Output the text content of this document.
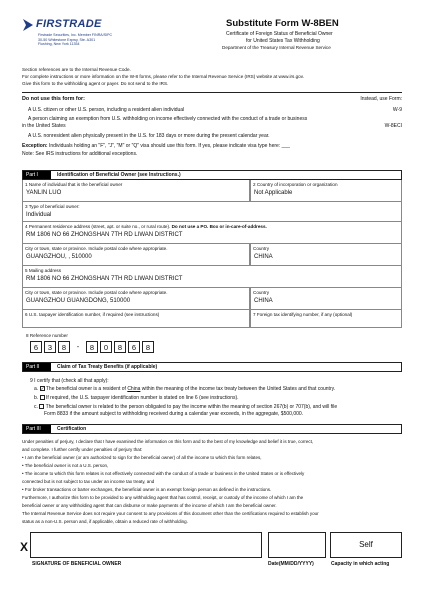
FIRSTRADE
Firstrade Securities, Inc. Member FINRA/SIPC
30-50 Whitestone Expwy, Ste. A301
Flushing, New York 11354
Substitute Form W-8BEN
Certificate of Foreign Status of Beneficial Owner
for United States Tax Withholding
Department of the Treasury Internal Revenue Service
Section references are to the Internal Revenue Code.
For complete instructions or more information on the W-8 forms, please refer to the Internal Revenue Service (IRS) website at www.irs.gov.
Give this form to the withholding agent or payer. Do not send to the IRS.
Do not use this form for:	Instead, use Form:
A U.S. citizen or other U.S. person, including a resident alien individual	W-9
A person claiming an exemption from U.S. withholding on income effectively connected with the conduct of a trade or business
in the United States	W-8ECI
A U.S. nonresident alien physically present in the U.S. for 183 days or more during the present calendar year.
Exception: Individuals holding an "F", "J", "M" or "Q" visa should use this form. If yes, please indicate visa type here: ___
Note: See IRS instructions for additional exceptions.
Part I	Identification of Beneficial Owner (see Instructions.)
1 Name of individual that is the beneficial owner
YANLIN LUO
2 Country of incorporation or organization
Not Applicable
3 Type of beneficial owner:
Individual
4 Permanent residence address (street, apt. or suite no., or rural route). Do not use a PO. Box or in-care-of-address.
RM 1806 NO 66 ZHONGSHAN 7TH RD LIWAN DISTRICT
City or town, state or province. Include postal code where appropriate.
GUANGZHOU, , 510000
Country
CHINA
5 Mailing address
RM 1806 NO 66 ZHONGSHAN 7TH RD LIWAN DISTRICT
City or town, state or province. Include postal code where appropriate.
GUANGZHOU GUANGDONG, 510000
Country
CHINA
6 U.S. taxpayer identification number, if required (see instructions)	7 Foreign tax identifying number, if any (optional)
8 Reference number
6	3	8	-	8	0	8	6	8
Part II	Claim of Tax Treaty Benefits (if applicable)
9 I certify that (check all that apply):
a. ✓ The beneficial owner is a resident of China within the meaning of the income tax treaty between the United States and that country.
b.  If required, the U.S. taxpayer identification number is stated on line 6 (see instructions).
c.  The beneficial owner is related to the person obligated to pay the income within the meaning of section 267(b) or 707(b), and will file
Form 8833 if the amount subject to withholding received during a calendar year exceeds, in the aggregate, $500,000.
Part III	Certification
Under penalties of perjury, I declare that I have examined the information on this form and to the best of my knowledge and belief it is true, correct,
and complete. I further certify under penalties of perjury that:
• I am the beneficial owner (or am authorized to sign for the beneficial owner) of all the income to which this form relates,
• The beneficial owner is not a U.S. person,
• The income to which this form relates is not effectively connected with the conduct of a trade or business in the United States or is effectively
connected but is not subject to tax under an income tax treaty, and
• For broker transactions or barter exchanges, the beneficial owner is an exempt foreign person as defined in the instructions.
Furthermore, I authorize this form to be provided to any withholding agent that has control, receipt, or custody of the income of which I am the
beneficial owner or any withholding agent that can disburse or make payments of the income of which I am the beneficial owner.
The Internal Revenue Service does not require your consent to any provisions of this document other than the certifications required to establish your
status as a non-U.S. person and, if applicable, obtain a reduced rate of withholding.
X	Self
SIGNATURE OF BENEFICIAL OWNER	Date(MM/DD/YYYY)	Capacity in which acting
